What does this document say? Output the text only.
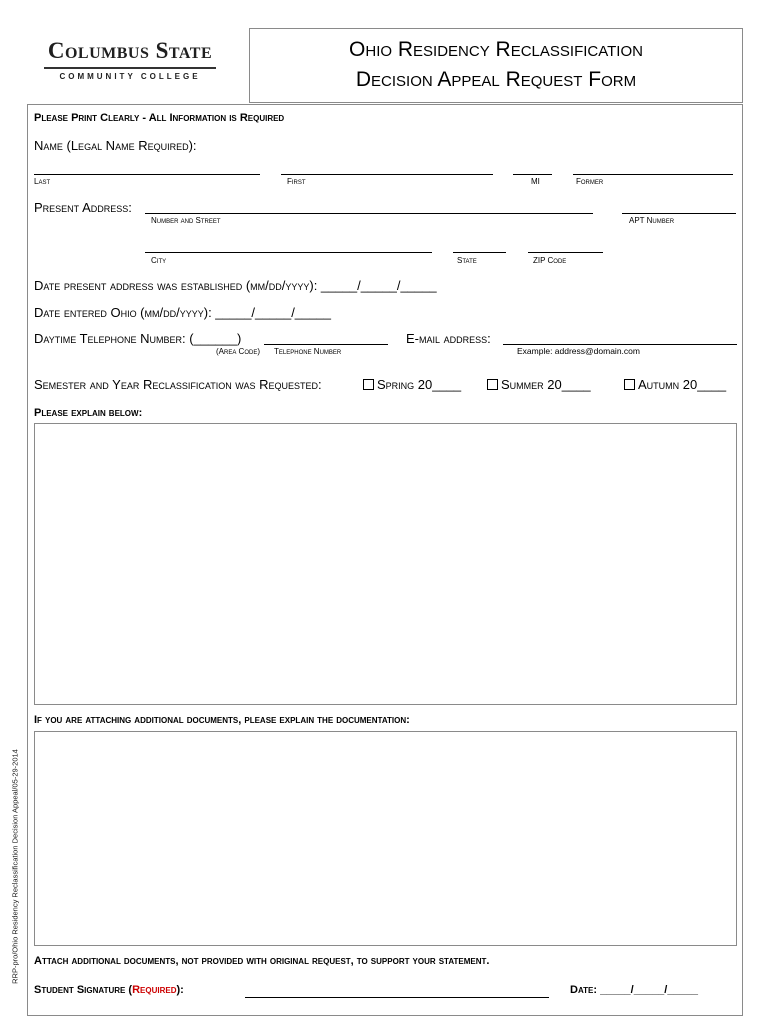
Columbus State
COMMUNITY COLLEGE
Ohio Residency Reclassification
Decision Appeal Request Form
Please Print Clearly - All Information is Required
Name (Legal Name Required):
Last	First	MI	Former
Present Address:
Number and Street	APT Number
City	State	ZIP Code
Date present address was established (mm/dd/yyyy): _____/_____/_____
Date entered Ohio (mm/dd/yyyy): _____/_____/_____
Daytime Telephone Number: (______)
(Area Code) Telephone Number
E-mail address:
Example: address@domain.com
Semester and Year Reclassification was Requested:	Spring 20____	Summer 20____	Autumn 20____
Please explain below:
If you are attaching additional documents, please explain the documentation:
Attach additional documents, not provided with original request, to support your statement.
Student Signature (Required):	Date: _____/_____/_____
RRP-pro/Ohio Residency Reclassification Decision Appeal/05-29-2014
